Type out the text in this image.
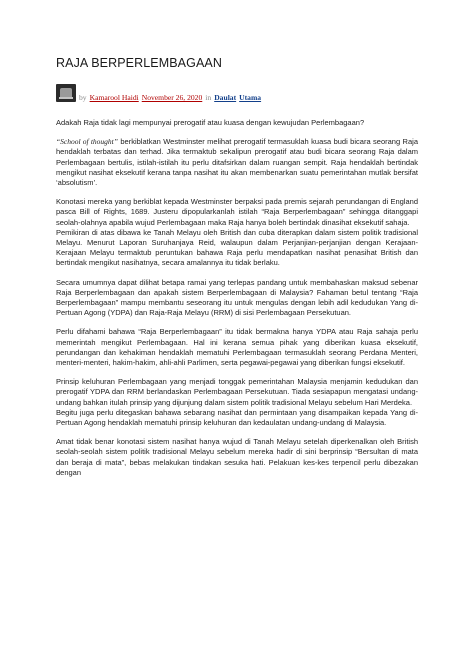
RAJA BERPERLEMBAGAAN
by Kamarool Haidi November 26, 2020 in Daulat Utama

Adakah Raja tidak lagi mempunyai prerogatif atau kuasa dengan kewujudan Perlembagaan?

“School of thought” berkiblatkan Westminster melihat prerogatif termasuklah kuasa budi bicara seorang Raja hendaklah terbatas dan terhad. Jika termaktub sekalipun prerogatif atau budi bicara seorang Raja dalam Perlembagaan bertulis, istilah-istilah itu perlu ditafsirkan dalam ruangan sempit. Raja hendaklah bertindak mengikut nasihat eksekutif kerana tanpa nasihat itu akan membenarkan suatu pemerintahan mutlak bersifat ‘absolutism’.

Konotasi mereka yang berkiblat kepada Westminster berpaksi pada premis sejarah perundangan di England pasca Bill of Rights, 1689. Justeru dipopularkanlah istilah “Raja Berperlembagaan” sehingga ditanggapi seolah-olahnya apabila wujud Perlembagaan maka Raja hanya boleh bertindak dinasihat eksekutif sahaja.

Pemikiran di atas dibawa ke Tanah Melayu oleh British dan cuba diterapkan dalam sistem politik tradisional Melayu. Menurut Laporan Suruhanjaya Reid, walaupun dalam Perjanjian-perjanjian dengan Kerajaan-Kerajaan Melayu termaktub peruntukan bahawa Raja perlu mendapatkan nasihat penasihat British dan bertindak mengikut nasihatnya, secara amalannya itu tidak berlaku.

Secara umumnya dapat dilihat betapa ramai yang terlepas pandang untuk membahaskan maksud sebenar Raja Berperlembagaan dan apakah sistem Berperlembagaan di Malaysia? Fahaman betul tentang “Raja Berperlembagaan” mampu membantu seseorang itu untuk mengulas dengan lebih adil kedudukan Yang di-Pertuan Agong (YDPA) dan Raja-Raja Melayu (RRM) di sisi Perlembagaan Persekutuan.

Perlu difahami bahawa “Raja Berperlembagaan” itu tidak bermakna hanya YDPA atau Raja sahaja perlu memerintah mengikut Perlembagaan. Hal ini kerana semua pihak yang diberikan kuasa eksekutif, perundangan dan kehakiman hendaklah mematuhi Perlembagaan termasuklah seorang Perdana Menteri, menteri-menteri, hakim-hakim, ahli-ahli Parlimen, serta pegawai-pegawai yang diberikan fungsi eksekutif.

Prinsip keluhuran Perlembagaan yang menjadi tonggak pemerintahan Malaysia menjamin kedudukan dan prerogatif YDPA dan RRM berlandaskan Perlembagaan Persekutuan. Tiada sesiapapun mengatasi undang-undang bahkan itulah prinsip yang dijunjung dalam sistem politik tradisional Melayu sebelum Hari Merdeka.

Begitu juga perlu ditegaskan bahawa sebarang nasihat dan permintaan yang disampaikan kepada Yang di-Pertuan Agong hendaklah mematuhi prinsip keluhuran dan kedaulatan undang-undang di Malaysia.

Amat tidak benar konotasi sistem nasihat hanya wujud di Tanah Melayu setelah diperkenalkan oleh British seolah-seolah sistem politik tradisional Melayu sebelum mereka hadir di sini berprinsip “Bersultan di mata dan beraja di mata”, bebas melakukan tindakan sesuka hati. Pelakuan kes-kes terpencil perlu dibezakan dengan
